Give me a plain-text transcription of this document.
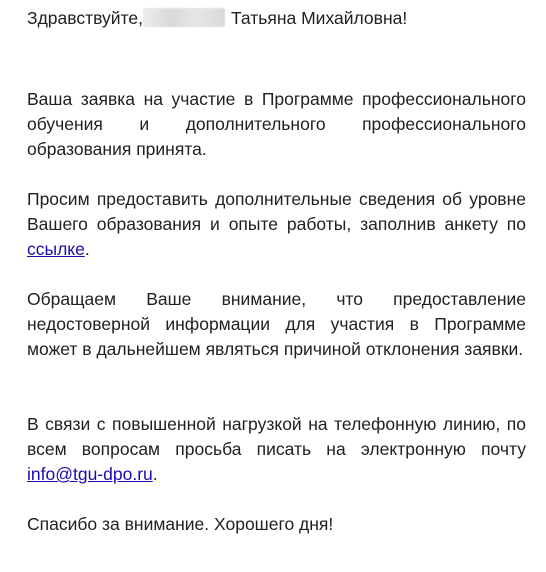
Здравствуйте,	Татьяна Михайловна!

Ваша заявка на участие в Программе профессионального обучения и дополнительного профессионального образования принята.

Просим предоставить дополнительные сведения об уровне Вашего образования и опыте работы, заполнив анкету по ссылке.

Обращаем Ваше внимание, что предоставление недостоверной информации для участия в Программе может в дальнейшем являться причиной отклонения заявки.

В связи с повышенной нагрузкой на телефонную линию, по всем вопросам просьба писать на электронную почту info@tgu-dpo.ru.

Спасибо за внимание. Хорошего дня!
